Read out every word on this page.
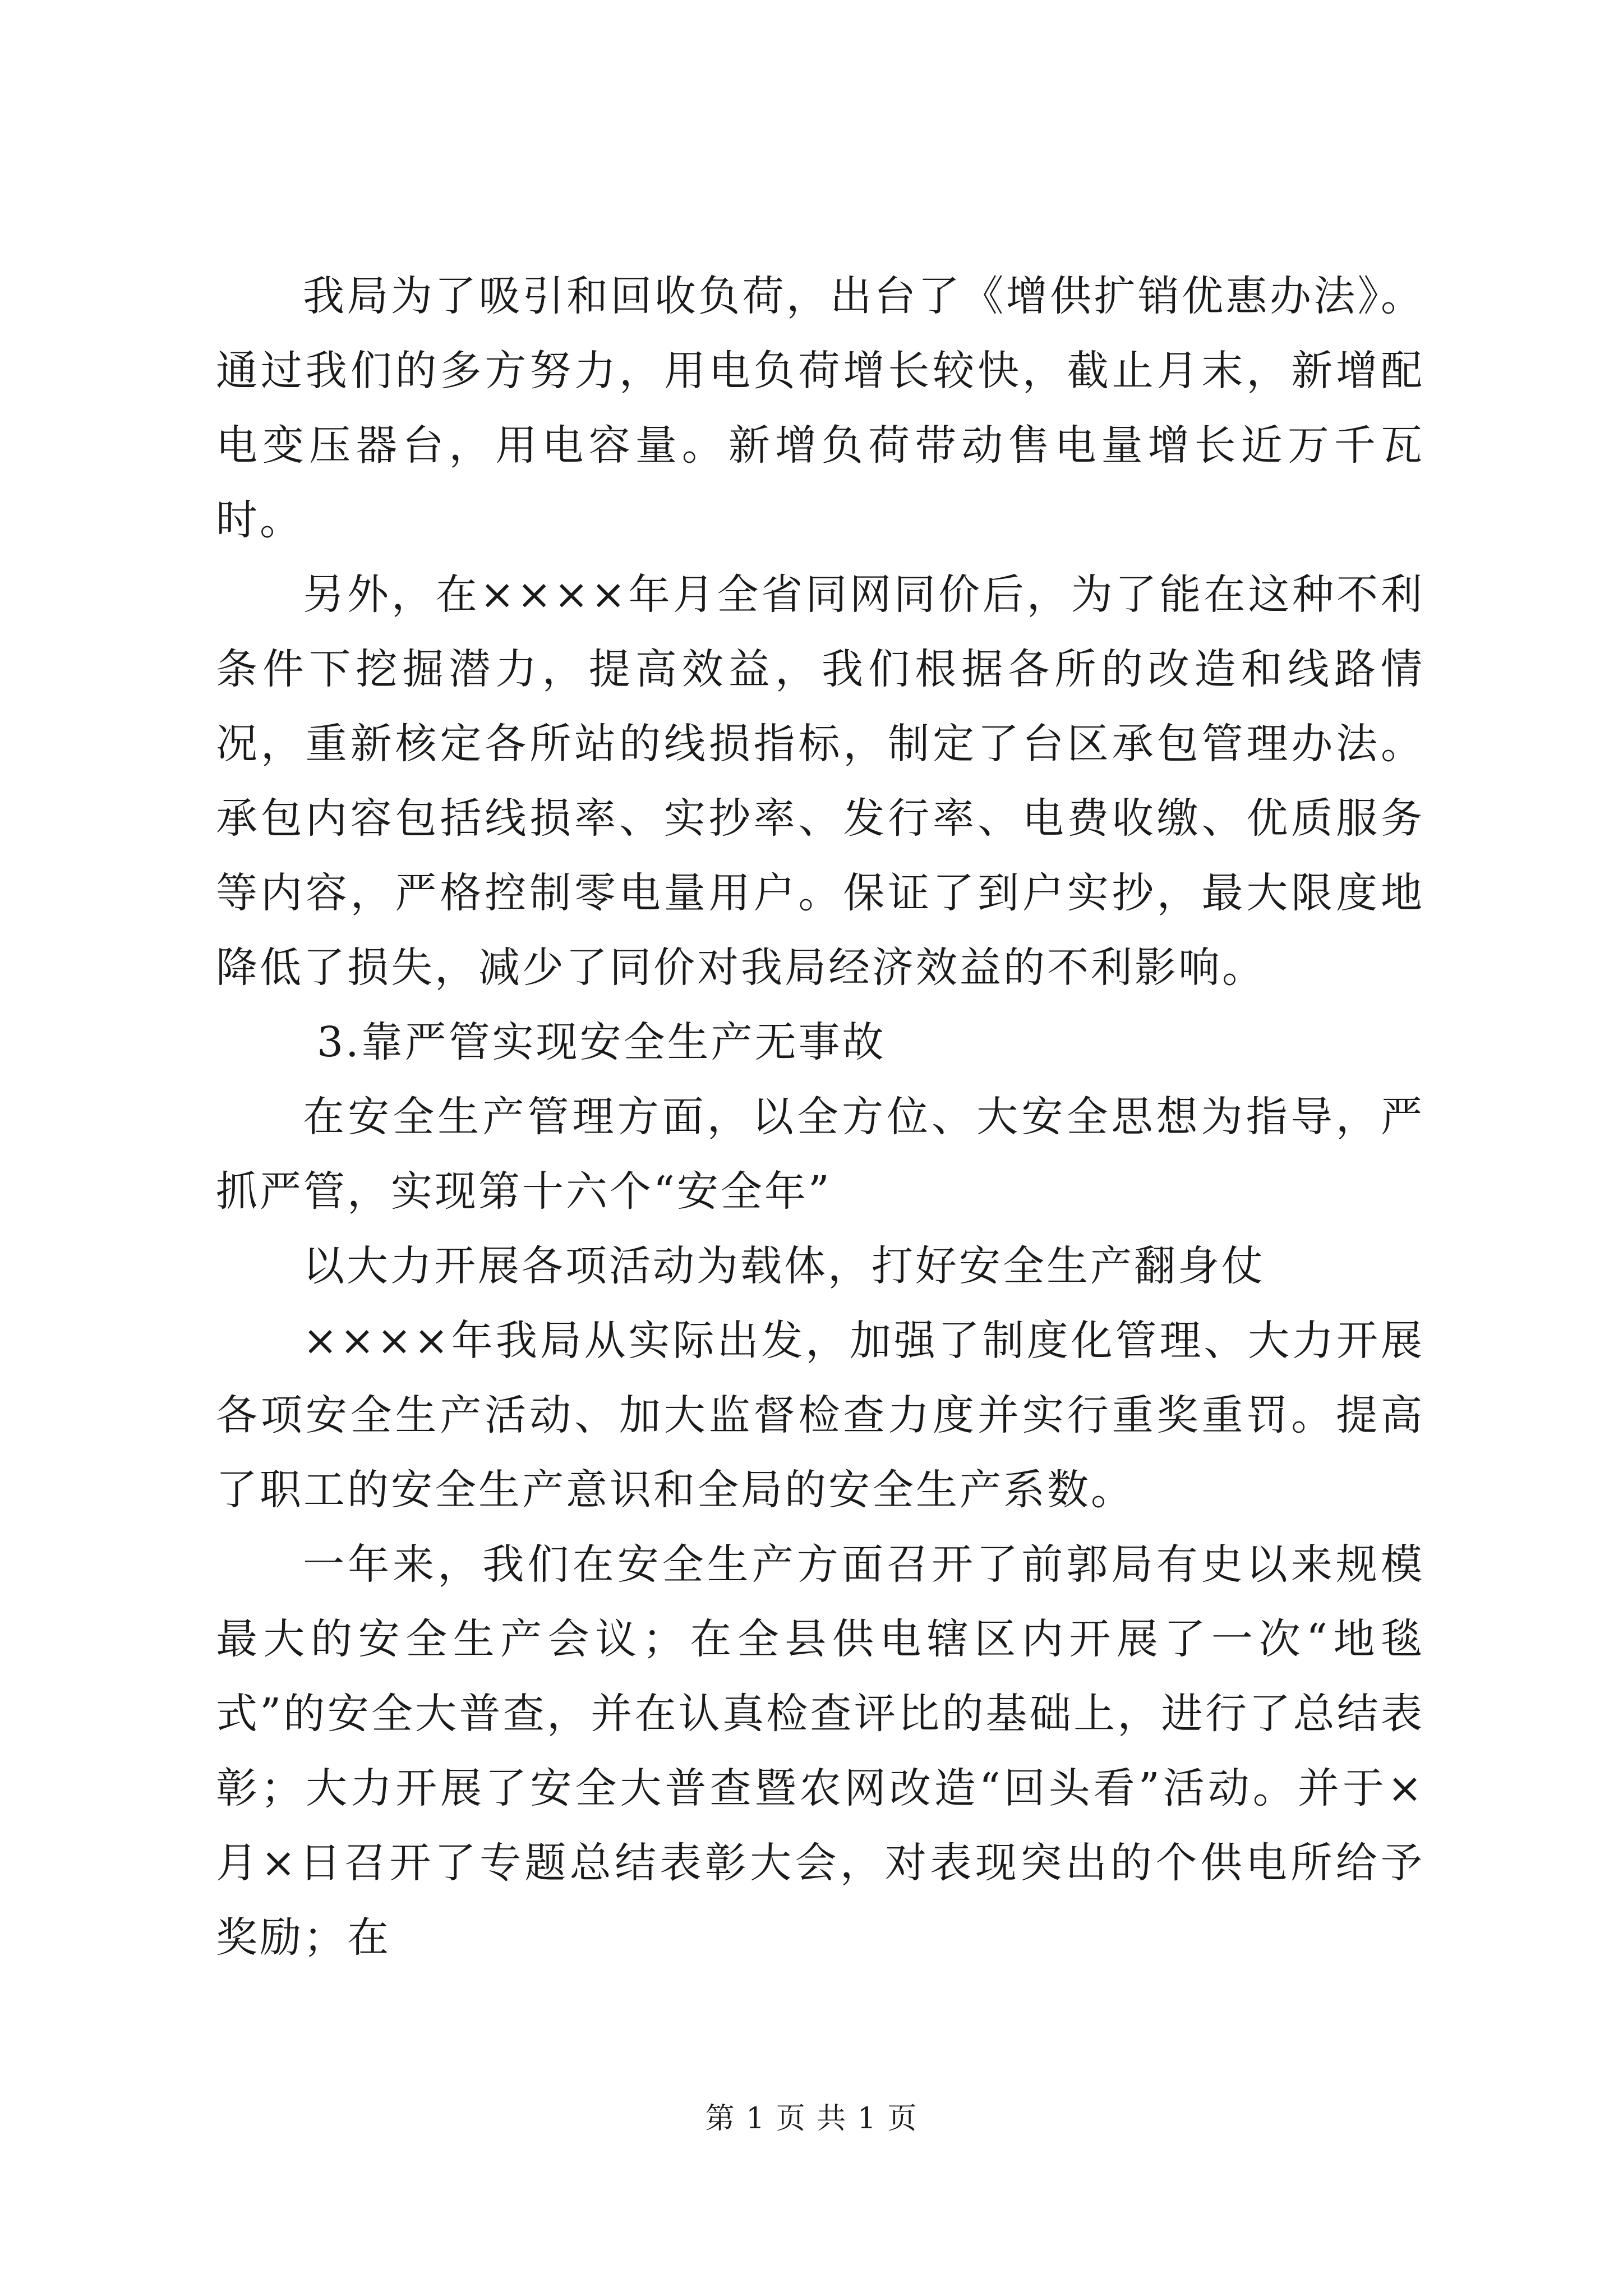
我局为了吸引和回收负荷，出台了《增供扩销优惠办法》。通过我们的多方努力，用电负荷增长较快，截止月末，新增配电变压器台，用电容量。新增负荷带动售电量增长近万千瓦时。

另外，在××××年月全省同网同价后，为了能在这种不利条件下挖掘潜力，提高效益，我们根据各所的改造和线路情况，重新核定各所站的线损指标，制定了台区承包管理办法。承包内容包括线损率、实抄率、发行率、电费收缴、优质服务等内容，严格控制零电量用户。保证了到户实抄，最大限度地降低了损失，减少了同价对我局经济效益的不利影响。

3.靠严管实现安全生产无事故

在安全生产管理方面，以全方位、大安全思想为指导，严抓严管，实现第十六个“安全年”

以大力开展各项活动为载体，打好安全生产翻身仗

××××年我局从实际出发，加强了制度化管理、大力开展各项安全生产活动、加大监督检查力度并实行重奖重罚。提高了职工的安全生产意识和全局的安全生产系数。

一年来，我们在安全生产方面召开了前郭局有史以来规模最大的安全生产会议；在全县供电辖区内开展了一次“地毯式”的安全大普查，并在认真检查评比的基础上，进行了总结表彰；大力开展了安全大普查暨农网改造“回头看”活动。并于×月×日召开了专题总结表彰大会，对表现突出的个供电所给予奖励；在

第 1 页 共 1 页
